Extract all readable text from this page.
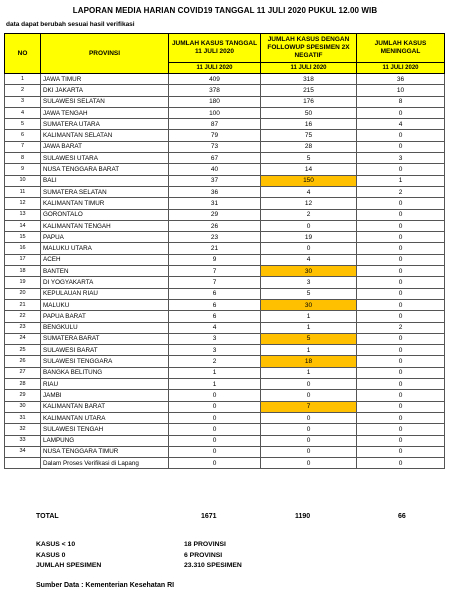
LAPORAN MEDIA HARIAN COVID19 TANGGAL 11 JULI 2020 PUKUL 12.00 WIB
data dapat berubah sesuai hasil verifikasi
NO	PROVINSI	JUMLAH KASUS TANGGAL 11 JULI 2020	JUMLAH KASUS DENGAN FOLLOWUP SPESIMEN 2X NEGATIF	JUMLAH KASUS MENINGGAL
		11 JULI 2020	11 JULI 2020	11 JULI 2020
1	JAWA TIMUR	409	318	36
2	DKI JAKARTA	378	215	10
3	SULAWESI SELATAN	180	176	8
4	JAWA TENGAH	100	50	0
5	SUMATERA UTARA	87	16	4
6	KALIMANTAN SELATAN	79	75	0
7	JAWA BARAT	73	28	0
8	SULAWESI UTARA	67	5	3
9	NUSA TENGGARA BARAT	40	14	0
10	BALI	37	150	1
11	SUMATERA SELATAN	36	4	2
12	KALIMANTAN TIMUR	31	12	0
13	GORONTALO	29	2	0
14	KALIMANTAN TENGAH	26	0	0
15	PAPUA	23	19	0
16	MALUKU UTARA	21	0	0
17	ACEH	9	4	0
18	BANTEN	7	30	0
19	DI YOGYAKARTA	7	3	0
20	KEPULAUAN RIAU	6	5	0
21	MALUKU	6	30	0
22	PAPUA BARAT	6	1	0
23	BENGKULU	4	1	2
24	SUMATERA BARAT	3	5	0
25	SULAWESI BARAT	3	1	0
26	SULAWESI TENGGARA	2	18	0
27	BANGKA BELITUNG	1	1	0
28	RIAU	1	0	0
29	JAMBI	0	0	0
30	KALIMANTAN BARAT	0	7	0
31	KALIMANTAN UTARA	0	0	0
32	SULAWESI TENGAH	0	0	0
33	LAMPUNG	0	0	0
34	NUSA TENGGARA TIMUR	0	0	0
	Dalam Proses Verifikasi di Lapang	0	0	0
TOTAL	1671	1190	66
KASUS < 10	18 PROVINSI
KASUS 0	6 PROVINSI
JUMLAH SPESIMEN	23.310 SPESIMEN
Sumber Data : Kementerian Kesehatan RI
